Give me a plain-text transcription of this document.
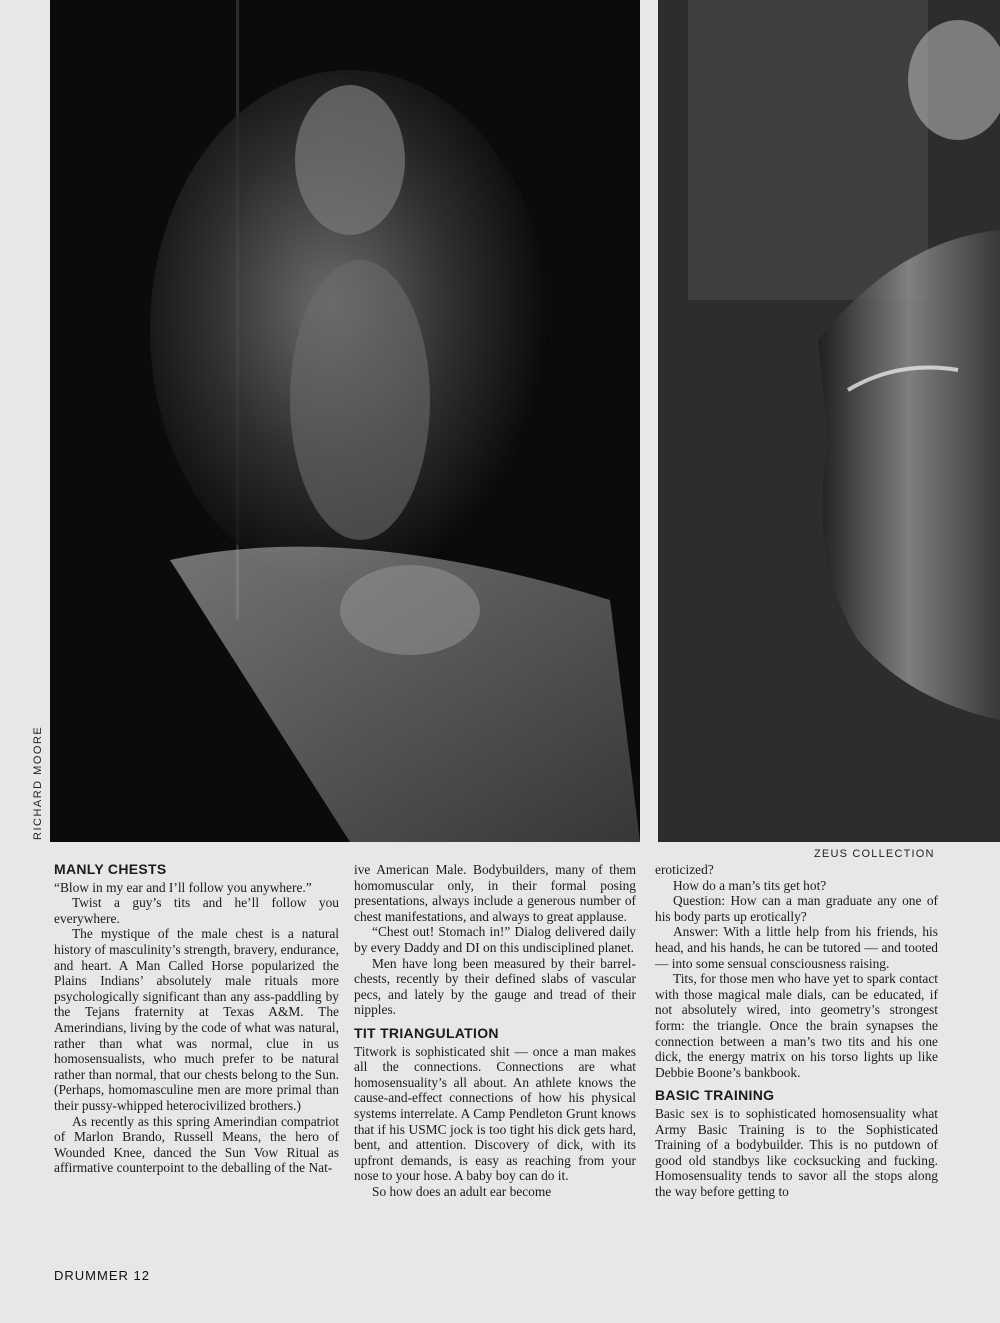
RICHARD MOORE
ZEUS COLLECTION
MANLY CHESTS

“Blow in my ear and I’ll follow you anywhere.”

Twist a guy’s tits and he’ll follow you everywhere.

The mystique of the male chest is a natural history of masculinity’s strength, bravery, endurance, and heart. A Man Called Horse popularized the Plains Indians’ absolutely male rituals more psychologically significant than any ass-paddling by the Tejans fraternity at Texas A&M. The Amerindians, living by the code of what was natural, rather than what was normal, clue in us homosensualists, who much prefer to be natural rather than normal, that our chests belong to the Sun. (Perhaps, homomasculine men are more primal than their pussy-whipped heterocivilized brothers.)

As recently as this spring Amerindian compatriot of Marlon Brando, Russell Means, the hero of Wounded Knee, danced the Sun Vow Ritual as affirmative counterpoint to the deballing of the Nat-

ive American Male. Bodybuilders, many of them homomuscular only, in their formal posing presentations, always include a generous number of chest manifestations, and always to great applause.

“Chest out! Stomach in!” Dialog delivered daily by every Daddy and DI on this undisciplined planet.

Men have long been measured by their barrel-chests, recently by their defined slabs of vascular pecs, and lately by the gauge and tread of their nipples.

TIT TRIANGULATION

Titwork is sophisticated shit — once a man makes all the connections. Connections are what homosensuality’s all about. An athlete knows the cause-and-effect connections of how his physical systems interrelate. A Camp Pendleton Grunt knows that if his USMC jock is too tight his dick gets hard, bent, and attention. Discovery of dick, with its upfront demands, is easy as reaching from your nose to your hose. A baby boy can do it.

So how does an adult ear become

eroticized?

How do a man’s tits get hot?

Question: How can a man graduate any one of his body parts up erotically?

Answer: With a little help from his friends, his head, and his hands, he can be tutored — and tooted — into some sensual consciousness raising.

Tits, for those men who have yet to spark contact with those magical male dials, can be educated, if not absolutely wired, into geometry’s strongest form: the triangle. Once the brain synapses the connection between a man’s two tits and his one dick, the energy matrix on his torso lights up like Debbie Boone’s bankbook.

BASIC TRAINING

Basic sex is to sophisticated homosensuality what Army Basic Training is to the Sophisticated Training of a bodybuilder. This is no putdown of good old standbys like cocksucking and fucking. Homosensuality tends to savor all the stops along the way before getting to

DRUMMER 12
